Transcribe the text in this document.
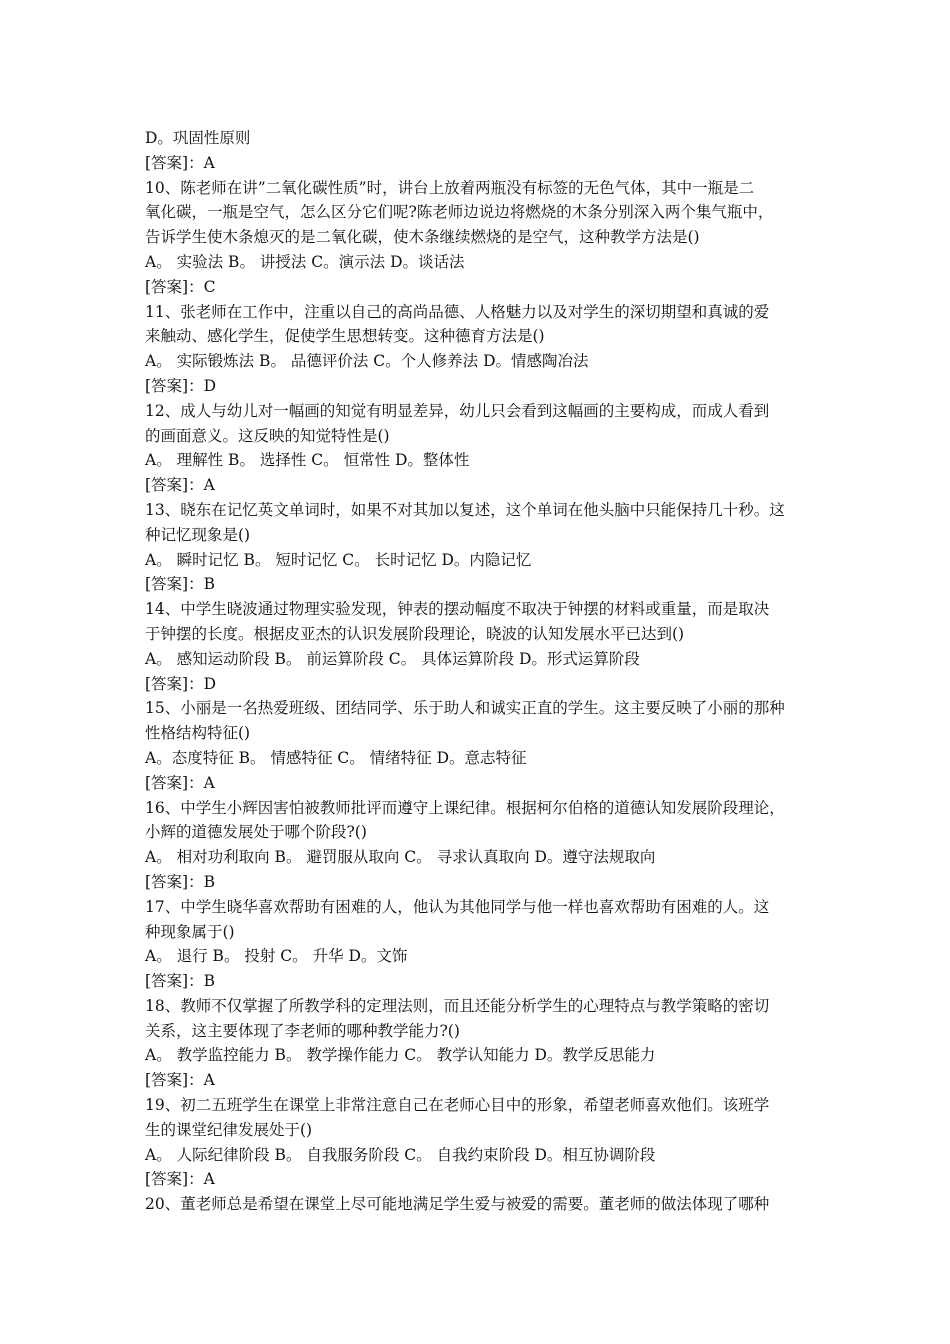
D。巩固性原则
[答案]：A
10、陈老师在讲”二氧化碳性质”时，讲台上放着两瓶没有标签的无色气体，其中一瓶是二
氧化碳，一瓶是空气，怎么区分它们呢?陈老师边说边将燃烧的木条分别深入两个集气瓶中，
告诉学生使木条熄灭的是二氧化碳，使木条继续燃烧的是空气，这种教学方法是()
A。 实验法 B。 讲授法 C。演示法 D。谈话法
[答案]：C
11、张老师在工作中，注重以自己的高尚品德、人格魅力以及对学生的深切期望和真诚的爱
来触动、感化学生，促使学生思想转变。这种德育方法是()
A。 实际锻炼法 B。 品德评价法 C。个人修养法 D。情感陶冶法
[答案]：D
12、成人与幼儿对一幅画的知觉有明显差异，幼儿只会看到这幅画的主要构成，而成人看到
的画面意义。这反映的知觉特性是()
A。 理解性 B。 选择性 C。 恒常性 D。整体性
[答案]：A
13、晓东在记忆英文单词时，如果不对其加以复述，这个单词在他头脑中只能保持几十秒。这
种记忆现象是()
A。 瞬时记忆 B。 短时记忆 C。 长时记忆 D。内隐记忆
[答案]：B
14、中学生晓波通过物理实验发现，钟表的摆动幅度不取决于钟摆的材料或重量，而是取决
于钟摆的长度。根据皮亚杰的认识发展阶段理论，晓波的认知发展水平已达到()
A。 感知运动阶段 B。 前运算阶段 C。 具体运算阶段 D。形式运算阶段
[答案]：D
15、小丽是一名热爱班级、团结同学、乐于助人和诚实正直的学生。这主要反映了小丽的那种
性格结构特征()
A。态度特征 B。 情感特征 C。 情绪特征 D。意志特征
[答案]：A
16、中学生小辉因害怕被教师批评而遵守上课纪律。根据柯尔伯格的道德认知发展阶段理论，
小辉的道德发展处于哪个阶段?()
A。 相对功利取向 B。 避罚服从取向 C。 寻求认真取向 D。遵守法规取向
[答案]：B
17、中学生晓华喜欢帮助有困难的人，他认为其他同学与他一样也喜欢帮助有困难的人。这
种现象属于()
A。 退行 B。 投射 C。 升华 D。文饰
[答案]：B
18、教师不仅掌握了所教学科的定理法则，而且还能分析学生的心理特点与教学策略的密切
关系，这主要体现了李老师的哪种教学能力?()
A。 教学监控能力 B。 教学操作能力 C。 教学认知能力 D。教学反思能力
[答案]：A
19、初二五班学生在课堂上非常注意自己在老师心目中的形象，希望老师喜欢他们。该班学
生的课堂纪律发展处于()
A。 人际纪律阶段 B。 自我服务阶段 C。 自我约束阶段 D。相互协调阶段
[答案]：A
20、董老师总是希望在课堂上尽可能地满足学生爱与被爱的需要。董老师的做法体现了哪种
